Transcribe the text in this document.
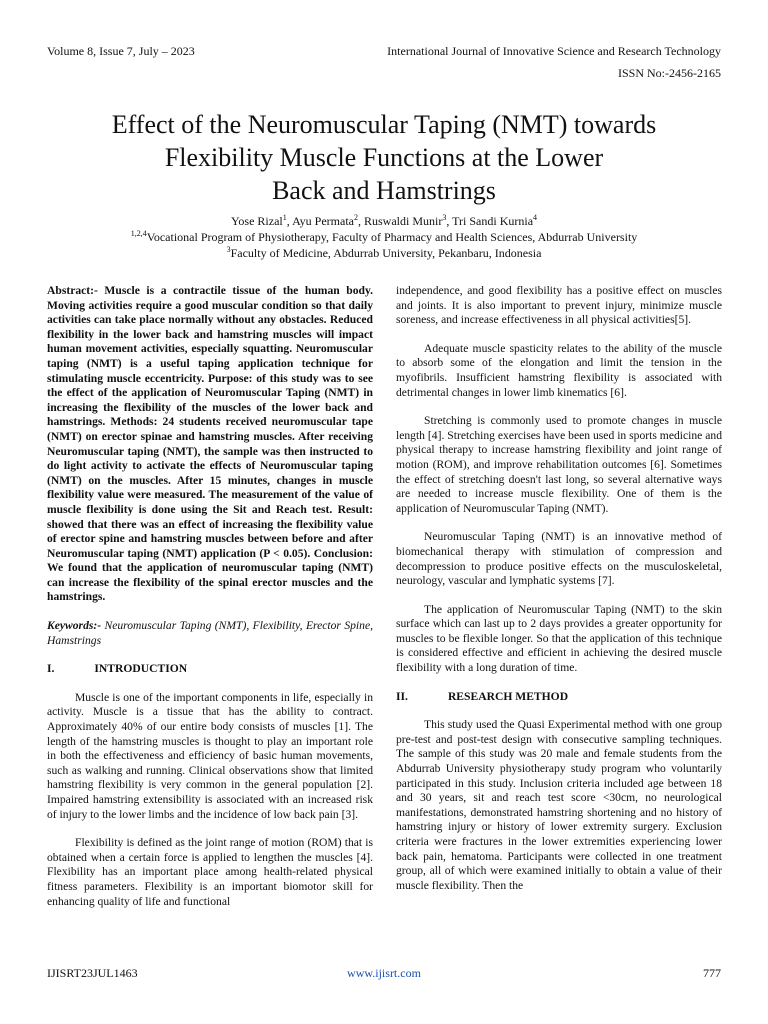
Volume 8, Issue 7, July – 2023	International Journal of Innovative Science and Research Technology
ISSN No:-2456-2165
Effect of the Neuromuscular Taping (NMT) towards
Flexibility Muscle Functions at the Lower
Back and Hamstrings
Yose Rizal$^1$, Ayu Permata$^2$, Ruswaldi Munir$^3$, Tri Sandi Kurnia$^4$
$^{1,2,4}$Vocational Program of Physiotherapy, Faculty of Pharmacy and Health Sciences, Abdurrab University
$^3$Faculty of Medicine, Abdurrab University, Pekanbaru, Indonesia

Abstract:- Muscle is a contractile tissue of the human body. Moving activities require a good muscular condition so that daily activities can take place normally without any obstacles. Reduced flexibility in the lower back and hamstring muscles will impact human movement activities, especially squatting. Neuromuscular taping (NMT) is a useful taping application technique for stimulating muscle eccentricity. Purpose: of this study was to see the effect of the application of Neuromuscular Taping (NMT) in increasing the flexibility of the muscles of the lower back and hamstrings. Methods: 24 students received neuromuscular tape (NMT) on erector spinae and hamstring muscles. After receiving Neuromuscular taping (NMT), the sample was then instructed to do light activity to activate the effects of Neuromuscular taping (NMT) on the muscles. After 15 minutes, changes in muscle flexibility value were measured. The measurement of the value of muscle flexibility is done using the Sit and Reach test. Result: showed that there was an effect of increasing the flexibility value of erector spine and hamstring muscles between before and after Neuromuscular taping (NMT) application (P < 0.05). Conclusion: We found that the application of neuromuscular taping (NMT) can increase the flexibility of the spinal erector muscles and the hamstrings.

Keywords:- Neuromuscular Taping (NMT), Flexibility, Erector Spine, Hamstrings

I.	INTRODUCTION

Muscle is one of the important components in life, especially in activity. Muscle is a tissue that has the ability to contract. Approximately 40% of our entire body consists of muscles [1]. The length of the hamstring muscles is thought to play an important role in both the effectiveness and efficiency of basic human movements, such as walking and running. Clinical observations show that limited hamstring flexibility is very common in the general population [2]. Impaired hamstring extensibility is associated with an increased risk of injury to the lower limbs and the incidence of low back pain [3].

Flexibility is defined as the joint range of motion (ROM) that is obtained when a certain force is applied to lengthen the muscles [4]. Flexibility has an important place among health-related physical fitness parameters. Flexibility is an important biomotor skill for enhancing quality of life and functional

independence, and good flexibility has a positive effect on muscles and joints. It is also important to prevent injury, minimize muscle soreness, and increase effectiveness in all physical activities[5].

Adequate muscle spasticity relates to the ability of the muscle to absorb some of the elongation and limit the tension in the myofibrils. Insufficient hamstring flexibility is associated with detrimental changes in lower limb kinematics [6].

Stretching is commonly used to promote changes in muscle length [4]. Stretching exercises have been used in sports medicine and physical therapy to increase hamstring flexibility and joint range of motion (ROM), and improve rehabilitation outcomes [6]. Sometimes the effect of stretching doesn't last long, so several alternative ways are needed to increase muscle flexibility. One of them is the application of Neuromuscular Taping (NMT).

Neuromuscular Taping (NMT) is an innovative method of biomechanical therapy with stimulation of compression and decompression to produce positive effects on the musculoskeletal, neurology, vascular and lymphatic systems [7].

The application of Neuromuscular Taping (NMT) to the skin surface which can last up to 2 days provides a greater opportunity for muscles to be flexible longer. So that the application of this technique is considered effective and efficient in achieving the desired muscle flexibility with a long duration of time.

II.	RESEARCH METHOD

This study used the Quasi Experimental method with one group pre-test and post-test design with consecutive sampling techniques. The sample of this study was 20 male and female students from the Abdurrab University physiotherapy study program who voluntarily participated in this study. Inclusion criteria included age between 18 and 30 years, sit and reach test score <30cm, no neurological manifestations, demonstrated hamstring shortening and no history of hamstring injury or history of lower extremity surgery. Exclusion criteria were fractures in the lower extremities experiencing lower back pain, hematoma. Participants were collected in one treatment group, all of which were examined initially to obtain a value of their muscle flexibility. Then the

IJISRT23JUL1463	www.ijisrt.com	777
